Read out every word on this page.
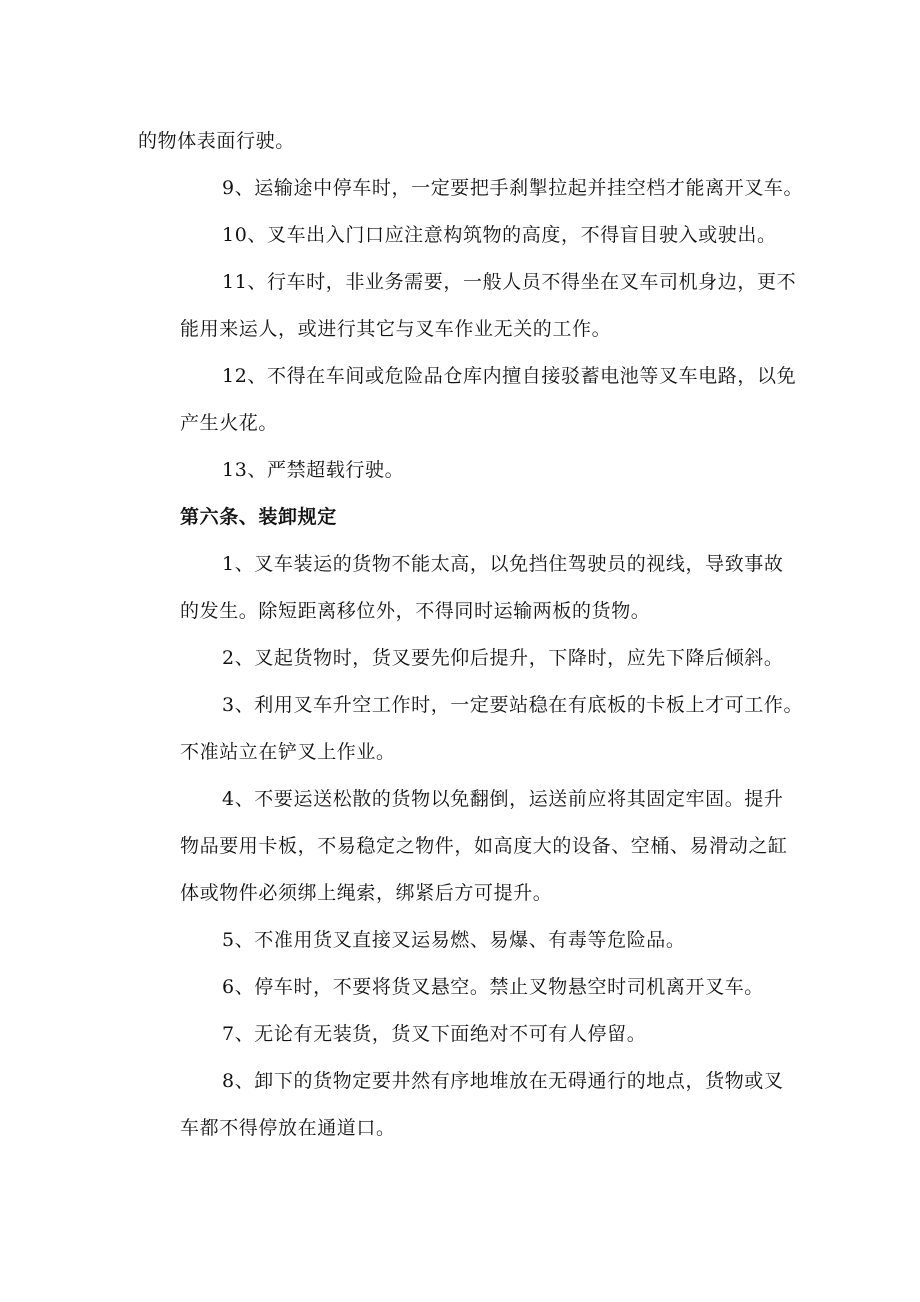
的物体表面行驶。
9、运输途中停车时，一定要把手刹掣拉起并挂空档才能离开叉车。
10、叉车出入门口应注意构筑物的高度，不得盲目驶入或驶出。
11、行车时，非业务需要，一般人员不得坐在叉车司机身边，更不
能用来运人，或进行其它与叉车作业无关的工作。
12、不得在车间或危险品仓库内擅自接驳蓄电池等叉车电路，以免
产生火花。
13、严禁超载行驶。
第六条、装卸规定
1、叉车装运的货物不能太高，以免挡住驾驶员的视线，导致事故
的发生。除短距离移位外，不得同时运输两板的货物。
2、叉起货物时，货叉要先仰后提升，下降时，应先下降后倾斜。
3、利用叉车升空工作时，一定要站稳在有底板的卡板上才可工作。
不准站立在铲叉上作业。
4、不要运送松散的货物以免翻倒，运送前应将其固定牢固。提升
物品要用卡板，不易稳定之物件，如高度大的设备、空桶、易滑动之缸
体或物件必须绑上绳索，绑紧后方可提升。
5、不准用货叉直接叉运易燃、易爆、有毒等危险品。
6、停车时，不要将货叉悬空。禁止叉物悬空时司机离开叉车。
7、无论有无装货，货叉下面绝对不可有人停留。
8、卸下的货物定要井然有序地堆放在无碍通行的地点，货物或叉
车都不得停放在通道口。
